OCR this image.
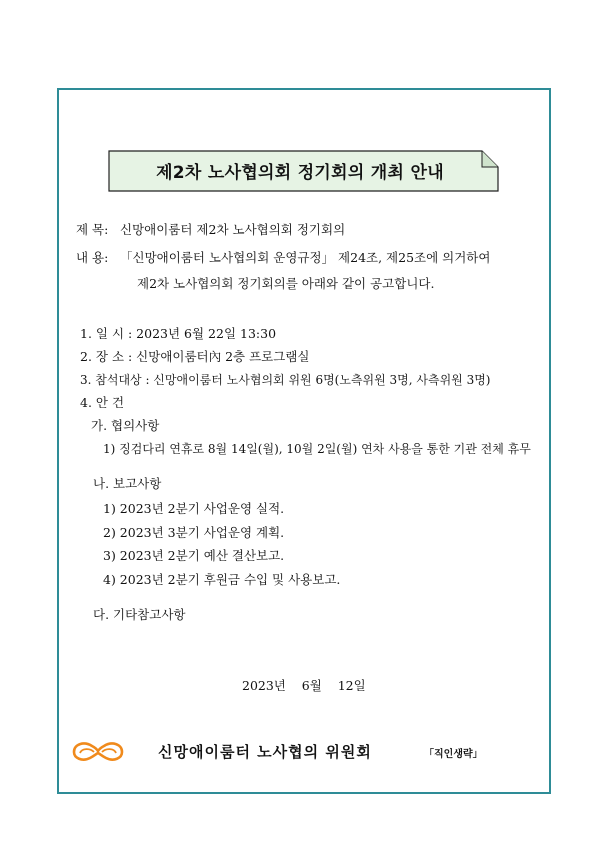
제2차 노사협의회 정기회의 개최 안내
제 목: 신망애이룸터 제2차 노사협의회 정기회의
내 용: 「신망애이룸터 노사협의회 운영규정」 제24조, 제25조에 의거하여
제2차 노사협의회 정기회의를 아래와 같이 공고합니다.
1. 일 시 : 2023년 6월 22일 13:30
2. 장 소 : 신망애이룸터內 2층 프로그램실
3. 참석대상 : 신망애이룸터 노사협의회 위원 6명(노측위원 3명, 사측위원 3명)
4. 안 건
가. 협의사항
1) 징검다리 연휴로 8월 14일(월), 10월 2일(월) 연차 사용을 통한 기관 전체 휴무
나. 보고사항
1) 2023년 2분기 사업운영 실적.
2) 2023년 3분기 사업운영 계획.
3) 2023년 2분기 예산 결산보고.
4) 2023년 2분기 후원금 수입 및 사용보고.
다. 기타참고사항
2023년    6월    12일
신망애이룸터 노사협의 위원회	「직인생략」
